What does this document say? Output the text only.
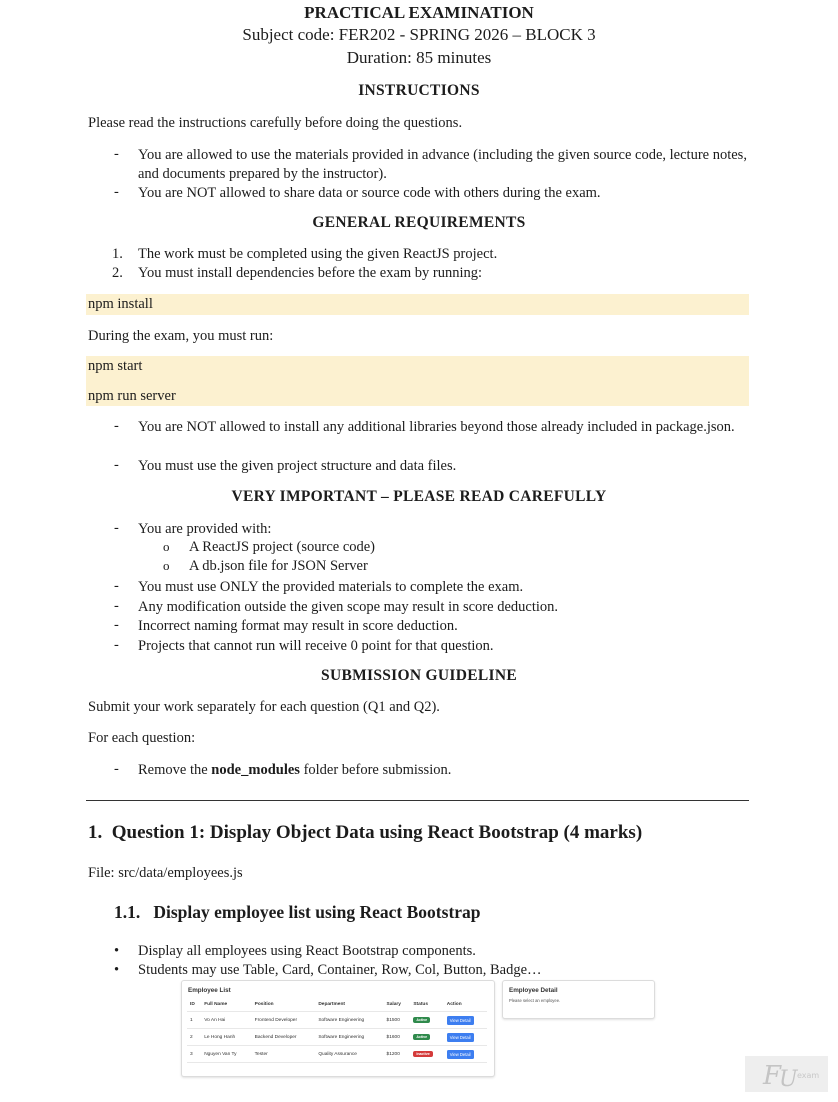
PRACTICAL EXAMINATION
Subject code: FER202 - SPRING 2026 – BLOCK 3
Duration: 85 minutes
INSTRUCTIONS
Please read the instructions carefully before doing the questions.
- You are allowed to use the materials provided in advance (including the given source code, lecture notes, and documents prepared by the instructor).
- You are NOT allowed to share data or source code with others during the exam.
GENERAL REQUIREMENTS
1. The work must be completed using the given ReactJS project.
2. You must install dependencies before the exam by running:
npm install
During the exam, you must run:
npm start
npm run server
- You are NOT allowed to install any additional libraries beyond those already included in package.json.
- You must use the given project structure and data files.
VERY IMPORTANT – PLEASE READ CAREFULLY
- You are provided with:
o A ReactJS project (source code)
o A db.json file for JSON Server
- You must use ONLY the provided materials to complete the exam.
- Any modification outside the given scope may result in score deduction.
- Incorrect naming format may result in score deduction.
- Projects that cannot run will receive 0 point for that question.
SUBMISSION GUIDELINE
Submit your work separately for each question (Q1 and Q2).
For each question:
- Remove the node_modules folder before submission.
1.  Question 1: Display Object Data using React Bootstrap (4 marks)
File: src/data/employees.js
1.1.   Display employee list using React Bootstrap
• Display all employees using React Bootstrap components.
• Students may use Table, Card, Container, Row, Col, Button, Badge…
Employee List
ID	Full Name	Position	Department	Salary	Status	Action
1	Vo An Hai	Frontend Developer	Software Engineering	$1500	Active	View Detail
2	Le Hong Hanh	Backend Developer	Software Engineering	$1600	Active	View Detail
3	Nguyen Van Ty	Tester	Quality Assurance	$1200	Inactive	View Detail
Employee Detail
Please select an employee.
F
U exam
